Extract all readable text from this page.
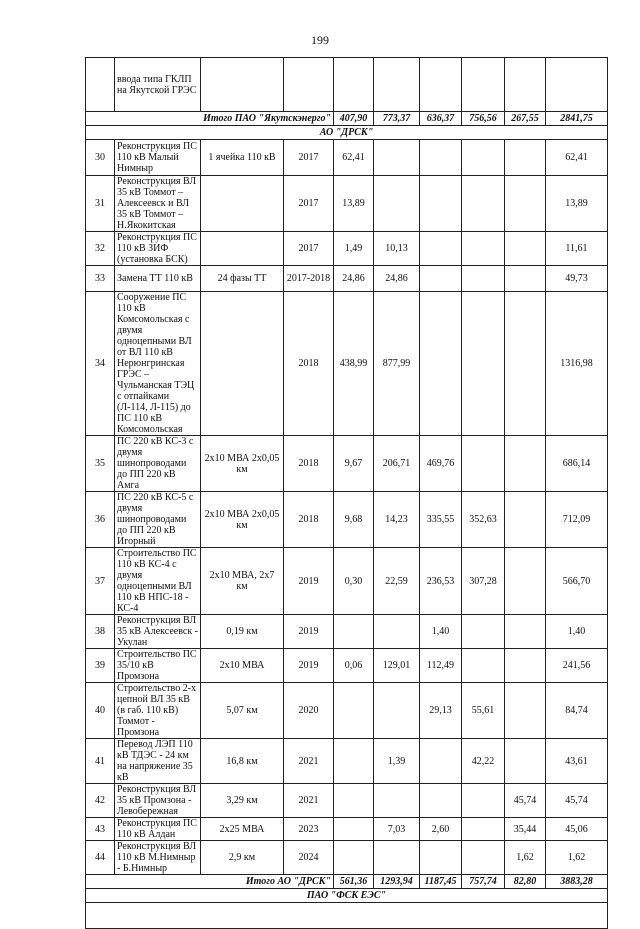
199
	ввода типа ГКЛП на Якутской ГРЭС								
Итого ПАО "Якутскэнерго"				407,90	773,37	636,37	756,56	267,55	2841,75
АО "ДРСК"									
30	Реконструкция ПС 110 кВ Малый Нимныр	1 ячейка 110 кВ	2017	62,41					62,41
31	Реконструкция ВЛ 35 кВ Томмот – Алексеевск и ВЛ 35 кВ Томмот – Н.Якокитская		2017	13,89					13,89
32	Реконструкция ПС 110 кВ ЗИФ (установка БСК)		2017	1,49	10,13				11,61
33	Замена ТТ 110 кВ	24 фазы ТТ	2017-2018	24,86	24,86				49,73
34	Сооружение ПС 110 кВ Комсомольская с двумя одноцепными ВЛ от ВЛ 110 кВ Нерюнгринская ГРЭС – Чульманская ТЭЦ с отпайками (Л-114, Л-115) до ПС 110 кВ Комсомольская		2018	438,99	877,99				1316,98
35	ПС 220 кВ КС-3 с двумя шинопроводами до ПП 220 кВ Амга	2х10 МВА 2х0,05 км	2018	9,67	206,71	469,76			686,14
36	ПС 220 кВ КС-5 с двумя шинопроводами до ПП 220 кВ Игорный	2х10 МВА 2х0,05 км	2018	9,68	14,23	335,55	352,63		712,09
37	Строительство ПС 110 кВ КС-4 с двумя одноцепными ВЛ 110 кВ НПС-18 - КС-4	2х10 МВА, 2х7 км	2019	0,30	22,59	236,53	307,28		566,70
38	Реконструкция ВЛ 35 кВ Алексеевск - Укулан	0,19 км	2019			1,40			1,40
39	Строительство ПС 35/10 кВ Промзона	2х10 МВА	2019	0,06	129,01	112,49			241,56
40	Строительство 2-х цепной ВЛ 35 кВ (в габ. 110 кВ) Томмот - Промзона	5,07 км	2020			29,13	55,61		84,74
41	Перевод ЛЭП 110 кВ ТДЭС - 24 км на напряжение 35 кВ	16,8 км	2021		1,39		42,22		43,61
42	Реконструкция ВЛ 35 кВ Промзона - Левобережная	3,29 км	2021					45,74	45,74
43	Реконструкция ПС 110 кВ Алдан	2х25 МВА	2023		7,03	2,60		35,44	45,06
44	Реконструкция ВЛ 110 кВ М.Нимныр - Б.Нимныр	2,9 км	2024					1,62	1,62
Итого АО "ДРСК"				561,36	1293,94	1187,45	757,74	82,80	3883,28
ПАО "ФСК ЕЭС"									
